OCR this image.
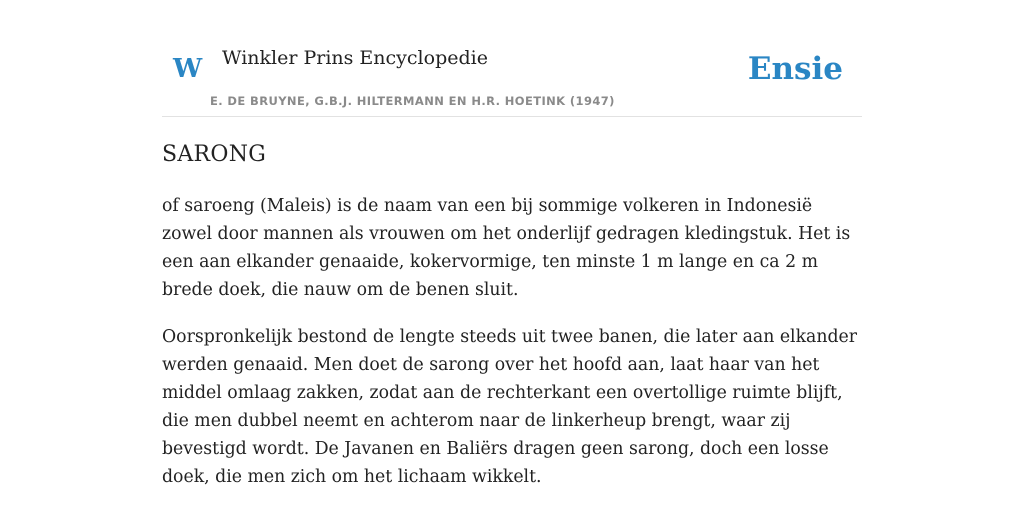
W Winkler Prins Encyclopedie
E. DE BRUYNE, G.B.J. HILTERMANN EN H.R. HOETINK (1947)
Ensie
SARONG

of saroeng (Maleis) is de naam van een bij sommige volkeren in Indonesië zowel door mannen als vrouwen om het onderlijf gedragen kledingstuk. Het is een aan elkander genaaide, kokervormige, ten minste 1 m lange en ca 2 m brede doek, die nauw om de benen sluit.

Oorspronkelijk bestond de lengte steeds uit twee banen, die later aan elkander werden genaaid. Men doet de sarong over het hoofd aan, laat haar van het middel omlaag zakken, zodat aan de rechterkant een overtollige ruimte blijft, die men dubbel neemt en achterom naar de linkerheup brengt, waar zij bevestigd wordt. De Javanen en Baliërs dragen geen sarong, doch een losse doek, die men zich om het lichaam wikkelt.
